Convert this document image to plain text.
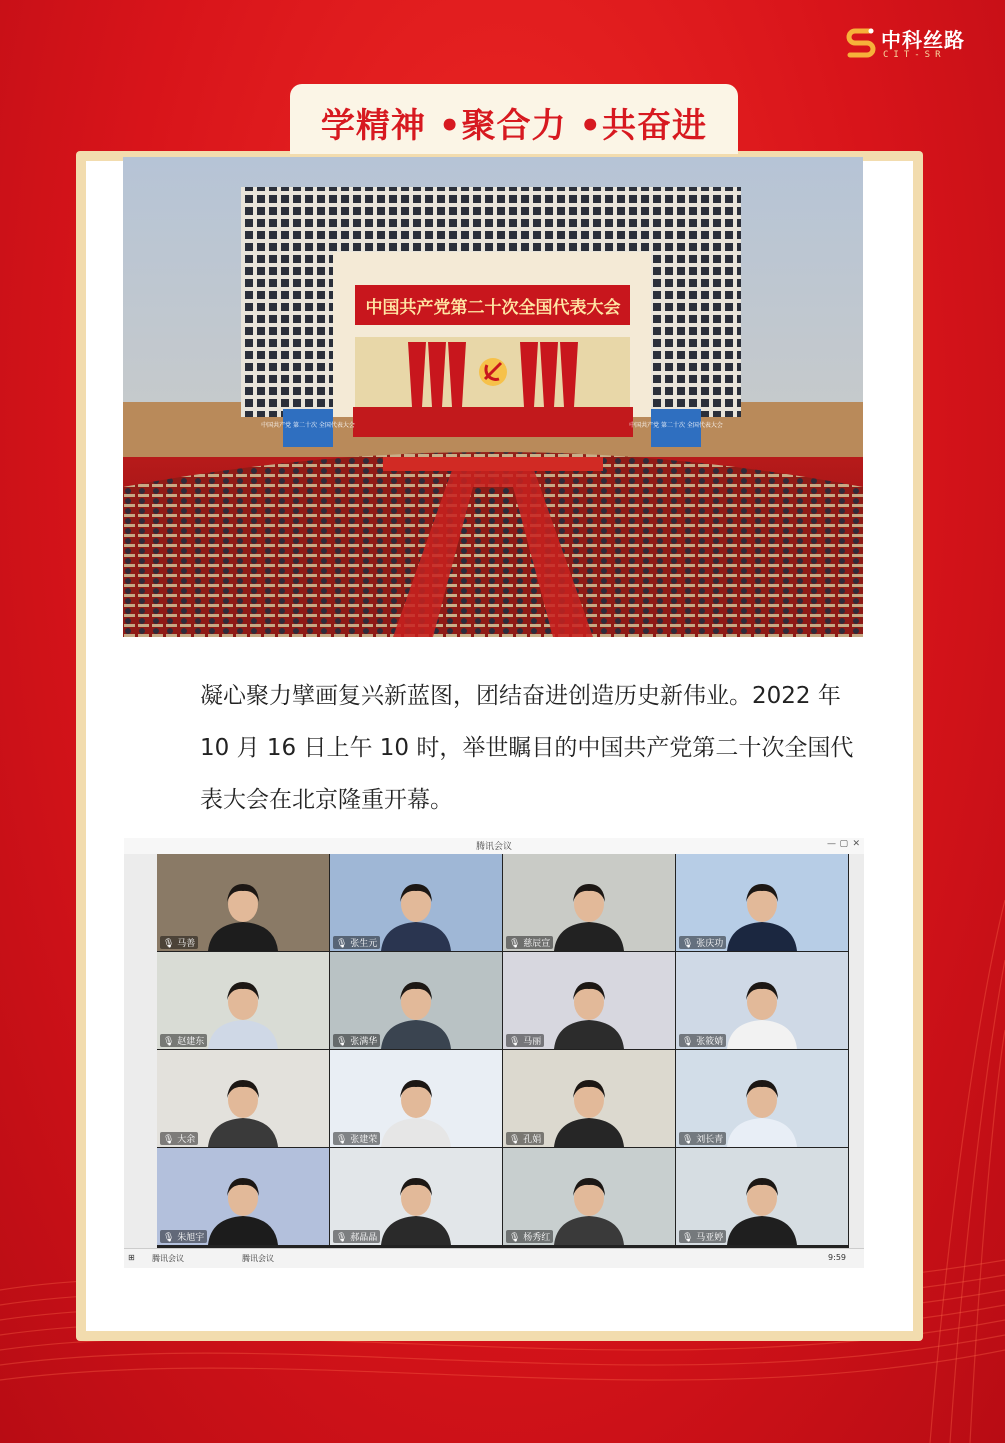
中科丝路
CIT-SR
学精神 •聚合力 •共奋进
中国共产党第二十次全国代表大会
中国共产党 第二十次 全国代表大会	中国共产党 第二十次 全国代表大会
凝心聚力擘画复兴新蓝图，团结奋进创造历史新伟业。2022 年 10 月 16 日上午 10 时，举世瞩目的中国共产党第二十次全国代表大会在北京隆重开幕。
腾讯会议	— ▢ ✕
🎙 马善	🎙 张生元	🎙 慈辰宣	🎙 张庆功
🎙 赵建东	🎙 张满华	🎙 马丽	🎙 张筱婧
🎙 大余	🎙 张建荣	🎙 孔娟	🎙 刘长青
🎙 朱旭宇	🎙 郝晶晶	🎙 杨秀红	🎙 马亚婷
⊞ 腾讯会议	腾讯会议	9:59
